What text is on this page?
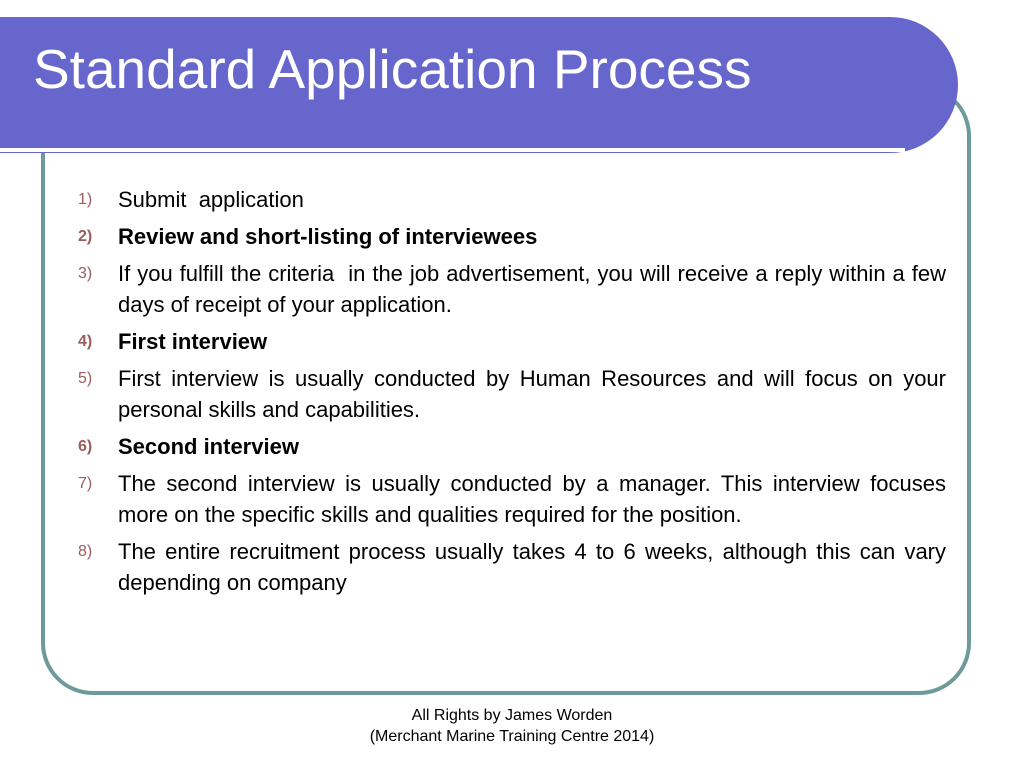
Standard Application Process
1)	Submit  application
2)	Review and short-listing of interviewees
3)	If you fulfill the criteria  in the job advertisement, you will receive a reply within a few days of receipt of your application.
4)	First interview
5)	First interview is usually conducted by Human Resources and will focus on your personal skills and capabilities.
6)	Second interview
7)	The second interview is usually conducted by a manager. This interview focuses more on the specific skills and qualities required for the position.
8)	The entire recruitment process usually takes 4 to 6 weeks, although this can vary depending on company
All Rights by James Worden
(Merchant Marine Training Centre 2014)
